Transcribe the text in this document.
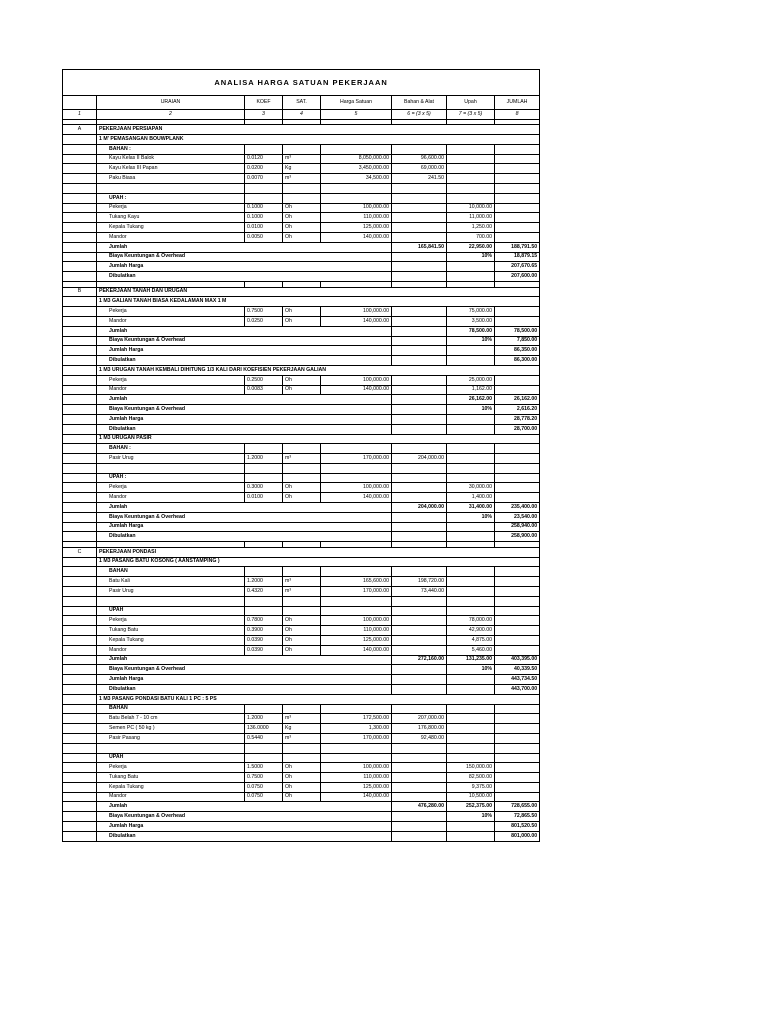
ANALISA HARGA SATUAN PEKERJAAN							
	URAIAN	KOEF	SAT.	Harga Satuan	Bahan & Alat	Upah	JUMLAH
1	2	3	4	5	6 = (3 x 5)	7 = (3 x 5)	8

A	PEKERJAAN PERSIAPAN						
	1 M' PEMASANGAN BOUWPLANK						
	BAHAN :						
	Kayu Kelas II Balok	0.0120	m³	8,050,000.00	96,600.00		
	Kayu Kelas III Papan	0.0200	Kg	3,450,000.00	69,000.00		
	Paku Biasa	0.0070	m³	34,500.00	241.50		

	UPAH :						
	Pekerja	0.1000	Oh	100,000.00		10,000.00	
	Tukang Kayu	0.1000	Oh	110,000.00		11,000.00	
	Kepala Tukang	0.0100	Oh	125,000.00		1,250.00	
	Mandor	0.0050	Oh	140,000.00		700.00	
	Jumlah				165,841.50	22,950.00	188,791.50
	Biaya Keuntungan & Overhead					10%	18,879.15
	Jumlah Harga						207,670.65
	Dibulatkan						207,600.00

B	PEKERJAAN TANAH DAN URUGAN						
	1 M3 GALIAN TANAH BIASA KEDALAMAN MAX 1 M						
	Pekerja	0.7500	Oh	100,000.00		75,000.00	
	Mandor	0.0250	Oh	140,000.00		3,500.00	
	Jumlah					78,500.00	78,500.00
	Biaya Keuntungan & Overhead					10%	7,850.00
	Jumlah Harga						86,350.00
	Dibulatkan						86,300.00
	1 M3 URUGAN TANAH KEMBALI DIHITUNG 1/3 KALI DARI KOEFISIEN PEKERJAAN GALIAN						
	Pekerja	0.2500	Oh	100,000.00		25,000.00	
	Mandor	0.0083	Oh	140,000.00		1,162.00	
	Jumlah					26,162.00	26,162.00
	Biaya Keuntungan & Overhead					10%	2,616.20
	Jumlah Harga						28,778.20
	Dibulatkan						28,700.00
	1 M3 URUGAN PASIR						
	BAHAN :						
	Pasir Urug	1.2000	m³	170,000.00	204,000.00		

	UPAH :						
	Pekerja	0.3000	Oh	100,000.00		30,000.00	
	Mandor	0.0100	Oh	140,000.00		1,400.00	
	Jumlah				204,000.00	31,400.00	235,400.00
	Biaya Keuntungan & Overhead					10%	23,540.00
	Jumlah Harga						258,940.00
	Dibulatkan						258,900.00

C	PEKERJAAN PONDASI						
	1 M3 PASANG BATU KOSONG ( AANSTAMPING )						
	BAHAN						
	Batu Kali	1.2000	m³	165,600.00	198,720.00		
	Pasir Urug	0.4320	m³	170,000.00	73,440.00		

	UPAH						
	Pekerja	0.7800	Oh	100,000.00		78,000.00	
	Tukang Batu	0.3900	Oh	110,000.00		42,900.00	
	Kepala Tukang	0.0390	Oh	125,000.00		4,875.00	
	Mandor	0.0390	Oh	140,000.00		5,460.00	
	Jumlah				272,160.00	131,235.00	403,395.00
	Biaya Keuntungan & Overhead					10%	40,339.50
	Jumlah Harga						443,734.50
	Dibulatkan						443,700.00
	1 M3 PASANG PONDASI BATU KALI 1 PC : 5 PS						
	BAHAN						
	Batu Belah 7 - 10 cm	1.2000	m³	172,500.00	207,000.00		
	Semen PC ( 50 kg )	136.0000	Kg	1,300.00	176,800.00		
	Pasir Pasang	0.5440	m³	170,000.00	92,480.00		

	UPAH						
	Pekerja	1.5000	Oh	100,000.00		150,000.00	
	Tukang Batu	0.7500	Oh	110,000.00		82,500.00	
	Kepala Tukang	0.0750	Oh	125,000.00		9,375.00	
	Mandor	0.0750	Oh	140,000.00		10,500.00	
	Jumlah				476,280.00	252,375.00	728,655.00
	Biaya Keuntungan & Overhead					10%	72,865.50
	Jumlah Harga						801,520.50
	Dibulatkan						801,000.00
